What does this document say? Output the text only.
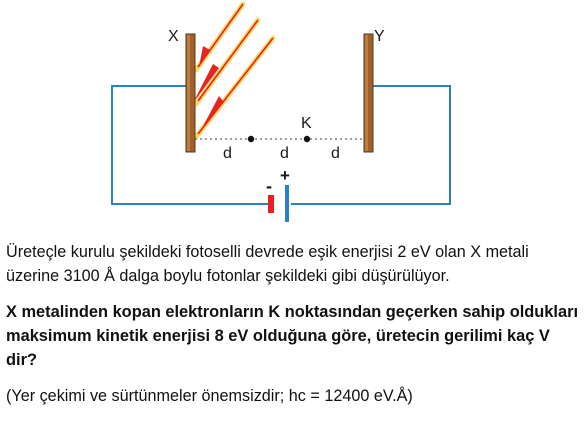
X	Y
K
d	d	d
-
+

Üreteçle kurulu şekildeki fotoselli devrede eşik enerjisi 2 eV olan X metali üzerine 3100 Å dalga boylu fotonlar şekildeki gibi düşürülüyor.

X metalinden kopan elektronların K noktasından geçerken sahip oldukları maksimum kinetik enerjisi 8 eV olduğuna göre, üretecin gerilimi kaç V dir?

(Yer çekimi ve sürtünmeler önemsizdir; hc = 12400 eV.Å)
